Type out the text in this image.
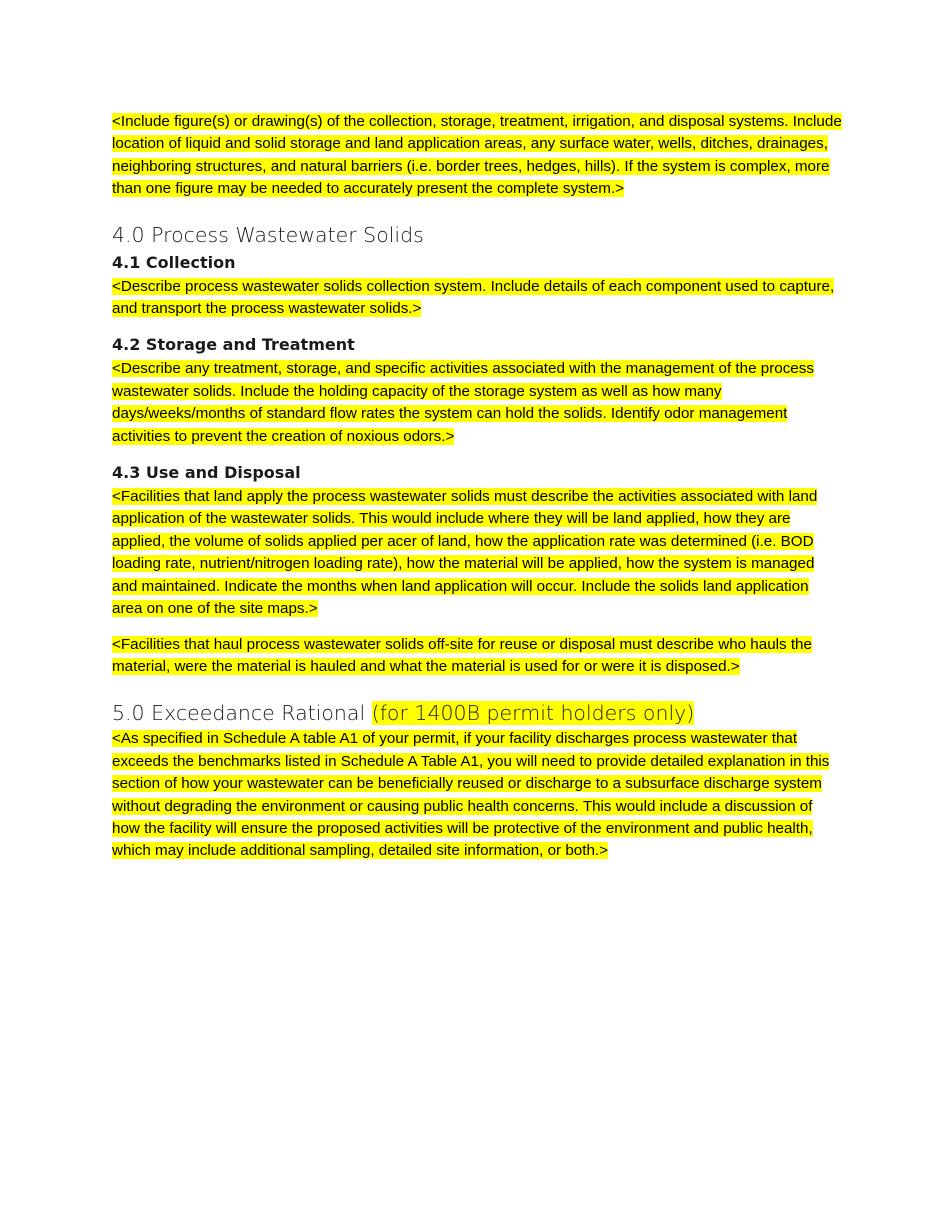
<Include figure(s) or drawing(s) of the collection, storage, treatment, irrigation, and disposal systems. Include location of liquid and solid storage and land application areas, any surface water, wells, ditches, drainages, neighboring structures, and natural barriers (i.e. border trees, hedges, hills). If the system is complex, more than one figure may be needed to accurately present the complete system.>

4.0 Process Wastewater Solids
4.1 Collection

<Describe process wastewater solids collection system. Include details of each component used to capture, and transport the process wastewater solids.>

4.2 Storage and Treatment

<Describe any treatment, storage, and specific activities associated with the management of the process wastewater solids. Include the holding capacity of the storage system as well as how many days/weeks/months of standard flow rates the system can hold the solids. Identify odor management activities to prevent the creation of noxious odors.>

4.3 Use and Disposal

<Facilities that land apply the process wastewater solids must describe the activities associated with land application of the wastewater solids. This would include where they will be land applied, how they are applied, the volume of solids applied per acer of land, how the application rate was determined (i.e. BOD loading rate, nutrient/nitrogen loading rate), how the material will be applied, how the system is managed and maintained. Indicate the months when land application will occur. Include the solids land application area on one of the site maps.>

<Facilities that haul process wastewater solids off-site for reuse or disposal must describe who hauls the material, were the material is hauled and what the material is used for or were it is disposed.>

5.0 Exceedance Rational (for 1400B permit holders only)

<As specified in Schedule A table A1 of your permit, if your facility discharges process wastewater that exceeds the benchmarks listed in Schedule A Table A1, you will need to provide detailed explanation in this section of how your wastewater can be beneficially reused or discharge to a subsurface discharge system without degrading the environment or causing public health concerns. This would include a discussion of how the facility will ensure the proposed activities will be protective of the environment and public health, which may include additional sampling, detailed site information, or both.>
